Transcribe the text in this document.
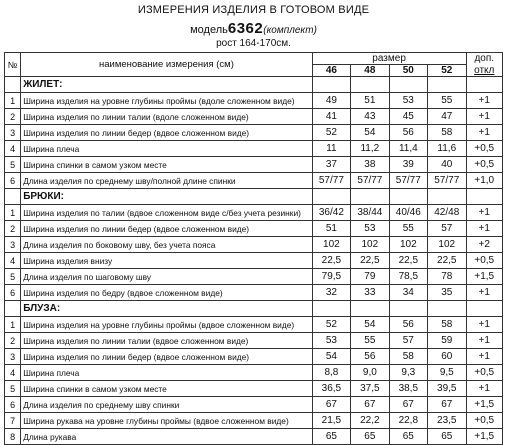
ИЗМЕРЕНИЯ ИЗДЕЛИЯ В ГОТОВОМ ВИДЕ
модель6362(комплект)
рост 164-170см.
№	наименование измерения (см)	размер				доп.
		46	48	50	52	откл
	ЖИЛЕТ:					
1	Ширина изделия на уровне глубины проймы (вдоле сложенном виде)	49	51	53	55	+1
2	Ширина изделия по линии талии (вдоле сложенном виде)	41	43	45	47	+1
3	Ширина изделия по линии бедер (вдвое сложенном виде)	52	54	56	58	+1
4	Ширина плеча	11	11,2	11,4	11,6	+0,5
5	Ширина спинки в самом узком месте	37	38	39	40	+0,5
6	Длина изделия по среднему шву/полной длине спинки	57/77	57/77	57/77	57/77	+1,0
	БРЮКИ:					
1	Ширина изделия по талии (вдвое сложенном виде с/без учета резинки)	36/42	38/44	40/46	42/48	+1
2	Ширина изделия по линии бедер (вдвое сложенном виде)	51	53	55	57	+1
3	Длина изделия по боковому шву, без учета пояса	102	102	102	102	+2
4	Ширина изделия внизу	22,5	22,5	22,5	22,5	+0,5
5	Длина изделия по шаговому шву	79,5	79	78,5	78	+1,5
6	Ширина изделия по бедру (вдвое сложенном виде)	32	33	34	35	+1
	БЛУЗА:					
1	Ширина изделия на уровне глубины проймы (вдвое сложенном виде)	52	54	56	58	+1
2	Ширина изделия по линии талии (вдвое сложенном виде)	53	55	57	59	+1
3	Ширина изделия по линии бедер (вдвое сложенном виде)	54	56	58	60	+1
4	Ширина плеча	8,8	9,0	9,3	9,5	+0,5
5	Ширина спинки в самом узком месте	36,5	37,5	38,5	39,5	+1
6	Длина изделия по среднему шву спинки	67	67	67	67	+1,5
7	Ширина рукава на уровне глубины проймы (вдвое сложенном виде)	21,5	22,2	22,8	23,5	+0,5
8	Длина рукава	65	65	65	65	+1,5
